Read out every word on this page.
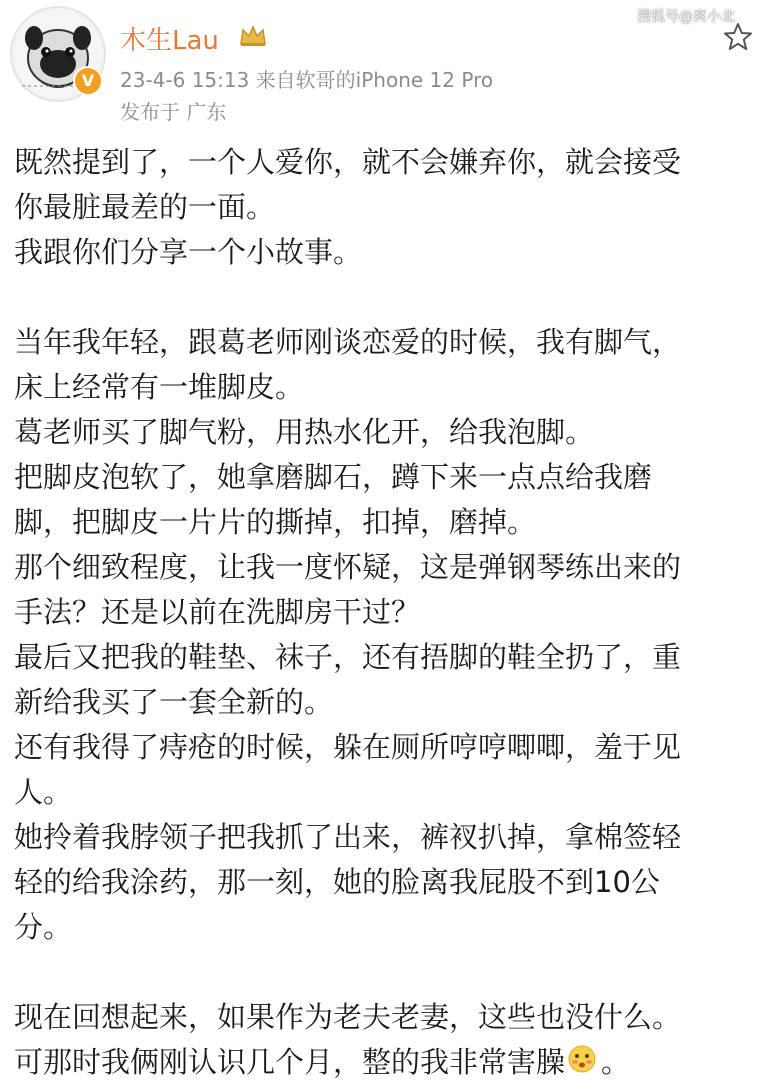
V
木生Lau
搜狐号@爽小北
23-4-6 15:13 来自软哥的iPhone 12 Pro
发布于 广东
既然提到了，一个人爱你，就不会嫌弃你，就会接受
你最脏最差的一面。
我跟你们分享一个小故事。
当年我年轻，跟葛老师刚谈恋爱的时候，我有脚气，
床上经常有一堆脚皮。
葛老师买了脚气粉，用热水化开，给我泡脚。
把脚皮泡软了，她拿磨脚石，蹲下来一点点给我磨
脚，把脚皮一片片的撕掉，扣掉，磨掉。
那个细致程度，让我一度怀疑，这是弹钢琴练出来的
手法？还是以前在洗脚房干过？
最后又把我的鞋垫、袜子，还有捂脚的鞋全扔了，重
新给我买了一套全新的。
还有我得了痔疮的时候，躲在厕所哼哼唧唧，羞于见
人。
她拎着我脖领子把我抓了出来，裤衩扒掉，拿棉签轻
轻的给我涂药，那一刻，她的脸离我屁股不到10公
分。
现在回想起来，如果作为老夫老妻，这些也没什么。
可那时我俩刚认识几个月，整的我非常害臊 。
